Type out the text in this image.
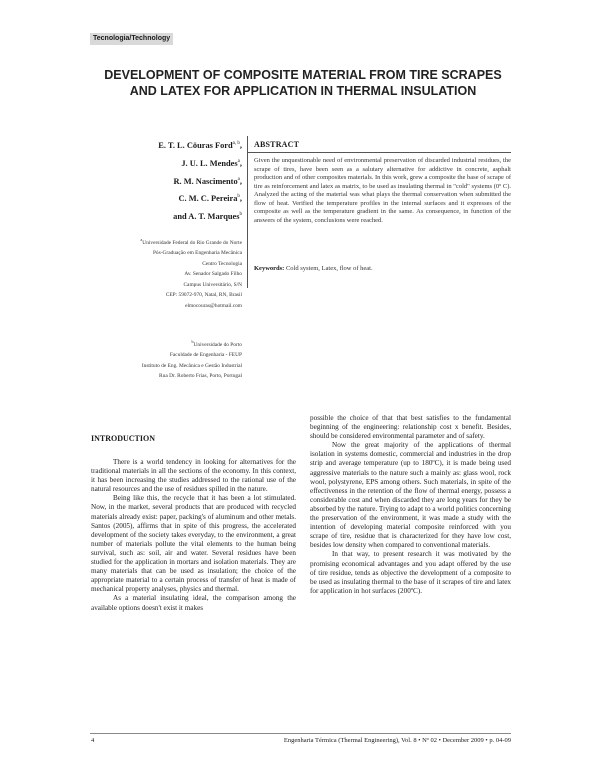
Tecnologia/Technology
DEVELOPMENT OF COMPOSITE MATERIAL FROM TIRE SCRAPES AND LATEX FOR APPLICATION IN THERMAL INSULATION
E. T. L. Cöuras Ford$^{a, b}$,
J. U. L. Mendes$^a$,
R. M. Nascimento$^a$,
C. M. C. Pereira$^b$,
and A. T. Marques$^b$
$^a$Universidade Federal do Rio Grande do Norte
Pós-Graduação em Engenharia Mecânica
Centro Tecnologia
Av. Senador Salgado Filho
Campus Universitário, S/N
CEP: 59072-970, Natal, RN, Brasil
elmocouras@hotmail.com
$^b$Universidade do Porto
Faculdade de Engenharia - FEUP
Instituto de Eng. Mecânica e Gestão Industrial
Rua Dr. Roberto Frias, Porto, Portugal
ABSTRACT
Given the unquestionable need of environmental preservation of discarded industrial residues, the scrape of tires, have been seen as a salutary alternative for addictive in concrete, asphalt production and of other composites materials. In this work, grew a composite the base of scrape of tire as reinforcement and latex as matrix, to be used as insulating thermal in "cold" systems (0º C). Analyzed the acting of the material was what plays the thermal conservation when submitted the flow of heat. Verified the temperature profiles in the internal surfaces and it expresses of the composite as well as the temperature gradient in the same. As consequence, in function of the answers of the system, conclusions were reached.
Keywords: Cold system, Latex, flow of heat.
INTRODUCTION

There is a world tendency in looking for alternatives for the traditional materials in all the sections of the economy. In this context, it has been increasing the studies addressed to the rational use of the natural resources and the use of residues spilled in the nature.

Being like this, the recycle that it has been a lot stimulated. Now, in the market, several products that are produced with recycled materials already exist: paper, packing's of aluminum and other metals. Santos (2005), affirms that in spite of this progress, the accelerated development of the society takes everyday, to the environment, a great number of materials pollute the vital elements to the human being survival, such as: soil, air and water. Several residues have been studied for the application in mortars and isolation materials. They are many materials that can be used as insulation; the choice of the appropriate material to a certain process of transfer of heat is made of mechanical property analyses, physics and thermal.

As a material insulating ideal, the comparison among the available options doesn't exist it makes

possible the choice of that that best satisfies to the fundamental beginning of the engineering: relationship cost x benefit. Besides, should be considered environmental parameter and of safety.

Now the great majority of the applications of thermal isolation in systems domestic, commercial and industries in the drop strip and average temperature (up to 180ºC), it is made being used aggressive materials to the nature such a mainly as: glass wool, rock wool, polystyrene, EPS among others. Such materials, in spite of the effectiveness in the retention of the flow of thermal energy, possess a considerable cost and when discarded they are long years for they be absorbed by the nature. Trying to adapt to a world politics concerning the preservation of the environment, it was made a study with the intention of developing material composite reinforced with you scrape of tire, residue that is characterized for they have low cost, besides low density when compared to conventional materials.

In that way, to present research it was motivated by the promising economical advantages and you adapt offered by the use of tire residue, tends as objective the development of a composite to be used as insulating thermal to the base of it scrapes of tire and latex for application in hot surfaces (200ºC).

4	Engenharia Térmica (Thermal Engineering), Vol. 8 • Nº 02 • December 2009 • p. 04-09
